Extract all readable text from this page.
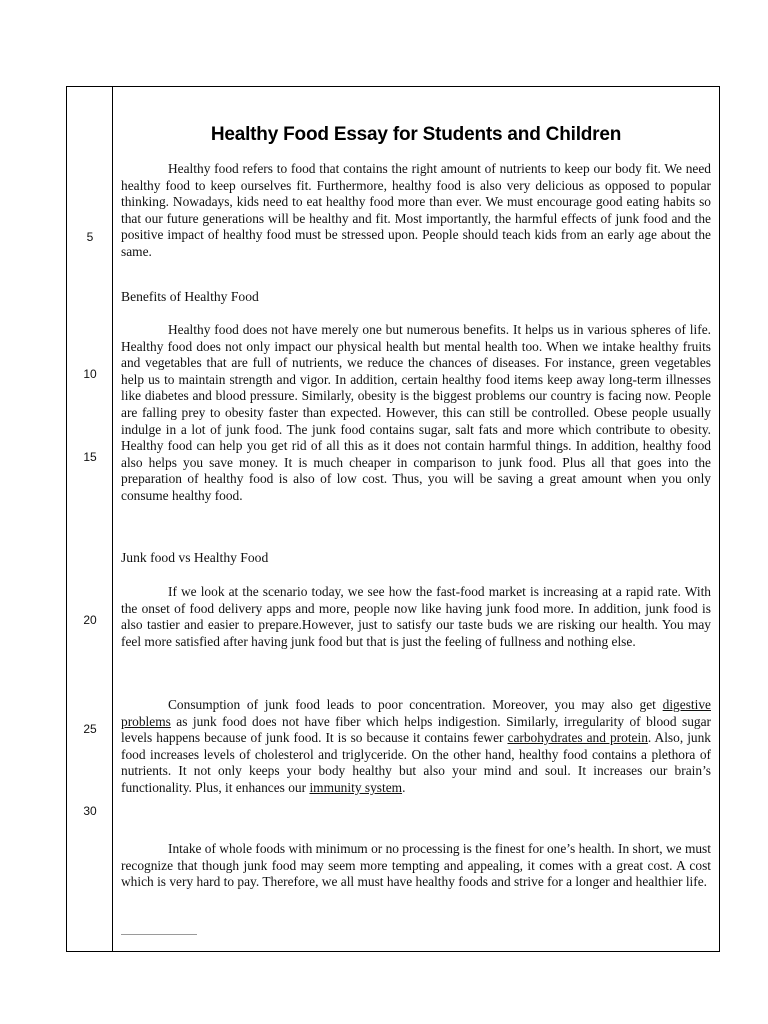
5
10
15
20
25
30
Healthy Food Essay for Students and Children

Healthy food refers to food that contains the right amount of nutrients to keep our body fit. We need healthy food to keep ourselves fit. Furthermore, healthy food is also very delicious as opposed to popular thinking. Nowadays, kids need to eat healthy food more than ever. We must encourage good eating habits so that our future generations will be healthy and fit. Most importantly, the harmful effects of junk food and the positive impact of healthy food must be stressed upon. People should teach kids from an early age about the same.

Benefits of Healthy Food

Healthy food does not have merely one but numerous benefits. It helps us in various spheres of life. Healthy food does not only impact our physical health but mental health too. When we intake healthy fruits and vegetables that are full of nutrients, we reduce the chances of diseases. For instance, green vegetables help us to maintain strength and vigor. In addition, certain healthy food items keep away long-term illnesses like diabetes and blood pressure. Similarly, obesity is the biggest problems our country is facing now. People are falling prey to obesity faster than expected. However, this can still be controlled. Obese people usually indulge in a lot of junk food. The junk food contains sugar, salt fats and more which contribute to obesity. Healthy food can help you get rid of all this as it does not contain harmful things. In addition, healthy food also helps you save money. It is much cheaper in comparison to junk food. Plus all that goes into the preparation of healthy food is also of low cost. Thus, you will be saving a great amount when you only consume healthy food.

Junk food vs Healthy Food

If we look at the scenario today, we see how the fast-food market is increasing at a rapid rate. With the onset of food delivery apps and more, people now like having junk food more. In addition, junk food is also tastier and easier to prepare.However, just to satisfy our taste buds we are risking our health. You may feel more satisfied after having junk food but that is just the feeling of fullness and nothing else.

Consumption of junk food leads to poor concentration. Moreover, you may also get digestive problems as junk food does not have fiber which helps indigestion. Similarly, irregularity of blood sugar levels happens because of junk food. It is so because it contains fewer carbohydrates and protein. Also, junk food increases levels of cholesterol and triglyceride. On the other hand, healthy food contains a plethora of nutrients. It not only keeps your body healthy but also your mind and soul. It increases our brain’s functionality. Plus, it enhances our immunity system.

Intake of whole foods with minimum or no processing is the finest for one’s health. In short, we must recognize that though junk food may seem more tempting and appealing, it comes with a great cost. A cost which is very hard to pay. Therefore, we all must have healthy foods and strive for a longer and healthier life.
